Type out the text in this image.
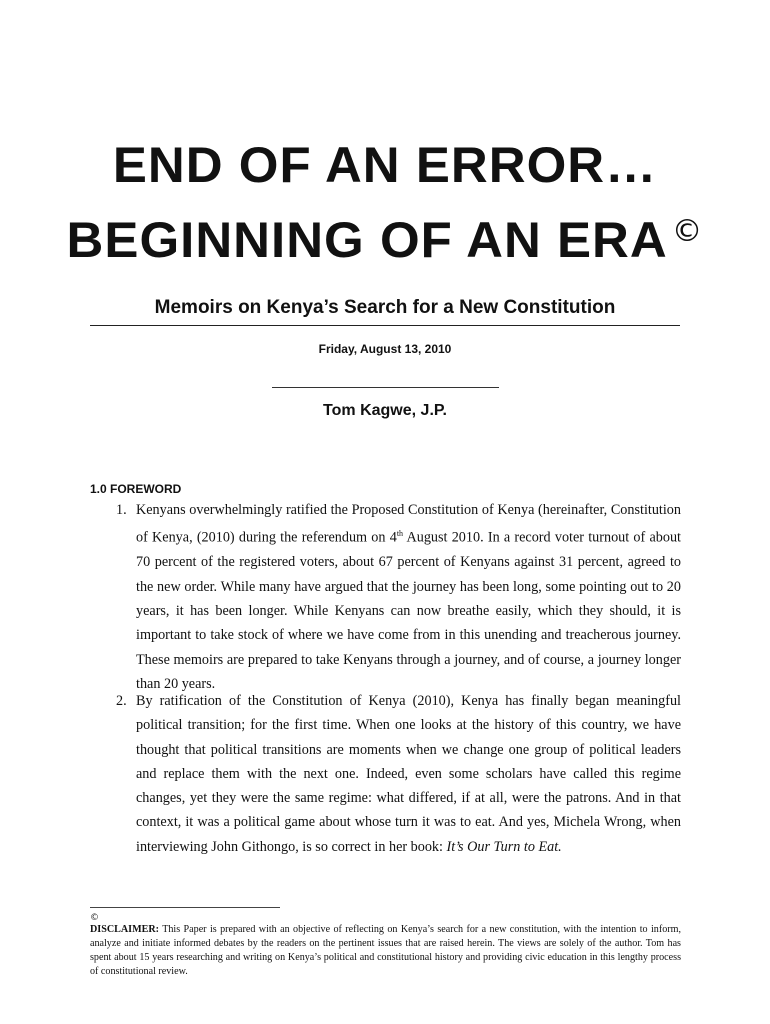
END OF AN ERROR…
BEGINNING OF AN ERA ©
Memoirs on Kenya’s Search for a New Constitution
Friday, August 13, 2010
Tom Kagwe, J.P.
1.0 FOREWORD
1. Kenyans overwhelmingly ratified the Proposed Constitution of Kenya (hereinafter, Constitution of Kenya, (2010) during the referendum on 4th August 2010. In a record voter turnout of about 70 percent of the registered voters, about 67 percent of Kenyans against 31 percent, agreed to the new order. While many have argued that the journey has been long, some pointing out to 20 years, it has been longer. While Kenyans can now breathe easily, which they should, it is important to take stock of where we have come from in this unending and treacherous journey. These memoirs are prepared to take Kenyans through a journey, and of course, a journey longer than 20 years.
2. By ratification of the Constitution of Kenya (2010), Kenya has finally began meaningful political transition; for the first time. When one looks at the history of this country, we have thought that political transitions are moments when we change one group of political leaders and replace them with the next one. Indeed, even some scholars have called this regime changes, yet they were the same regime: what differed, if at all, were the patrons. And in that context, it was a political game about whose turn it was to eat. And yes, Michela Wrong, when interviewing John Githongo, is so correct in her book: It’s Our Turn to Eat.
©
DISCLAIMER: This Paper is prepared with an objective of reflecting on Kenya’s search for a new constitution, with the intention to inform, analyze and initiate informed debates by the readers on the pertinent issues that are raised herein. The views are solely of the author. Tom has spent about 15 years researching and writing on Kenya’s political and constitutional history and providing civic education in this lengthy process of constitutional review.
